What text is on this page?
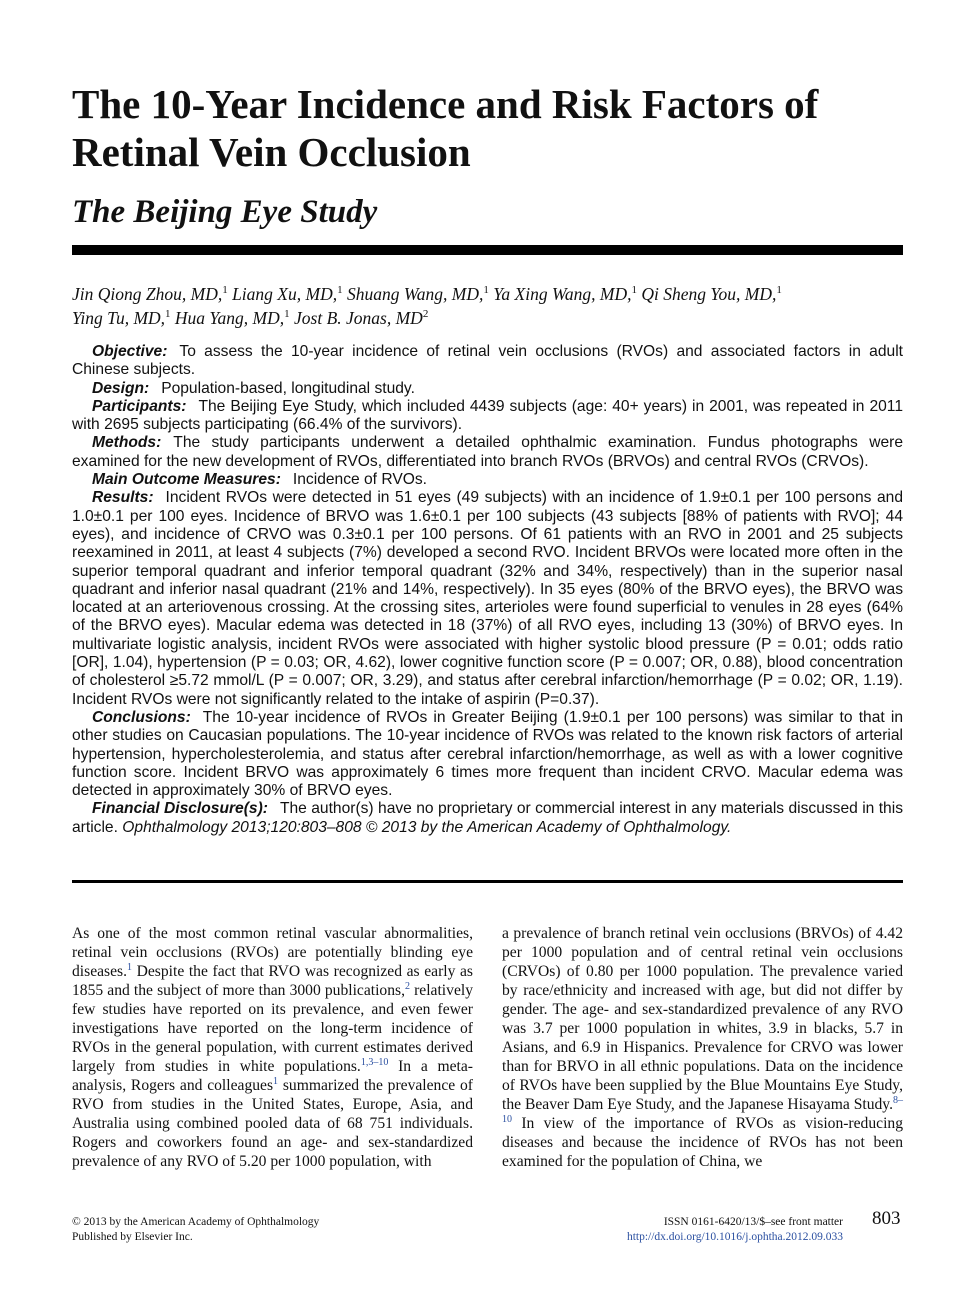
The 10-Year Incidence and Risk Factors of Retinal Vein Occlusion
The Beijing Eye Study
Jin Qiong Zhou, MD,$^1$ Liang Xu, MD,$^1$ Shuang Wang, MD,$^1$ Ya Xing Wang, MD,$^1$ Qi Sheng You, MD,$^1$
Ying Tu, MD,$^1$ Hua Yang, MD,$^1$ Jost B. Jonas, $MD^2$

Objective: To assess the 10-year incidence of retinal vein occlusions (RVOs) and associated factors in adult Chinese subjects.

Design: Population-based, longitudinal study.

Participants: The Beijing Eye Study, which included 4439 subjects (age: 40+ years) in 2001, was repeated in 2011 with 2695 subjects participating (66.4% of the survivors).

Methods: The study participants underwent a detailed ophthalmic examination. Fundus photographs were examined for the new development of RVOs, differentiated into branch RVOs (BRVOs) and central RVOs (CRVOs).

Main Outcome Measures: Incidence of RVOs.

Results: Incident RVOs were detected in 51 eyes (49 subjects) with an incidence of 1.9±0.1 per 100 persons and 1.0±0.1 per 100 eyes. Incidence of BRVO was 1.6±0.1 per 100 subjects (43 subjects [88% of patients with RVO]; 44 eyes), and incidence of CRVO was 0.3±0.1 per 100 persons. Of 61 patients with an RVO in 2001 and 25 subjects reexamined in 2011, at least 4 subjects (7%) developed a second RVO. Incident BRVOs were located more often in the superior temporal quadrant and inferior temporal quadrant (32% and 34%, respectively) than in the superior nasal quadrant and inferior nasal quadrant (21% and 14%, respectively). In 35 eyes (80% of the BRVO eyes), the BRVO was located at an arteriovenous crossing. At the crossing sites, arterioles were found superficial to venules in 28 eyes (64% of the BRVO eyes). Macular edema was detected in 18 (37%) of all RVO eyes, including 13 (30%) of BRVO eyes. In multivariate logistic analysis, incident RVOs were associated with higher systolic blood pressure (P = 0.01; odds ratio [OR], 1.04), hypertension (P = 0.03; OR, 4.62), lower cognitive function score (P = 0.007; OR, 0.88), blood concentration of cholesterol ≥5.72 mmol/L (P = 0.007; OR, 3.29), and status after cerebral infarction/hemorrhage (P = 0.02; OR, 1.19). Incident RVOs were not significantly related to the intake of aspirin (P=0.37).

Conclusions: The 10-year incidence of RVOs in Greater Beijing (1.9±0.1 per 100 persons) was similar to that in other studies on Caucasian populations. The 10-year incidence of RVOs was related to the known risk factors of arterial hypertension, hypercholesterolemia, and status after cerebral infarction/hemorrhage, as well as with a lower cognitive function score. Incident BRVO was approximately 6 times more frequent than incident CRVO. Macular edema was detected in approximately 30% of BRVO eyes.

Financial Disclosure(s): The author(s) have no proprietary or commercial interest in any materials discussed in this article. Ophthalmology 2013;120:803–808 © 2013 by the American Academy of Ophthalmology.

As one of the most common retinal vascular abnormalities, retinal vein occlusions (RVOs) are potentially blinding eye diseases.$^1$ Despite the fact that RVO was recognized as early as 1855 and the subject of more than 3000 publications,$^2$ relatively few studies have reported on its prevalence, and even fewer investigations have reported on the long-term incidence of RVOs in the general population, with current estimates derived largely from studies in white populations.$^{1,3-10}$ In a meta-analysis, Rogers and colleagues$^1$ summarized the prevalence of RVO from studies in the United States, Europe, Asia, and Australia using combined pooled data of 68 751 individuals. Rogers and coworkers found an age- and sex-standardized prevalence of any RVO of 5.20 per 1000 population, with

a prevalence of branch retinal vein occlusions (BRVOs) of 4.42 per 1000 population and of central retinal vein occlusions (CRVOs) of 0.80 per 1000 population. The prevalence varied by race/ethnicity and increased with age, but did not differ by gender. The age- and sex-standardized prevalence of any RVO was 3.7 per 1000 population in whites, 3.9 in blacks, 5.7 in Asians, and 6.9 in Hispanics. Prevalence for CRVO was lower than for BRVO in all ethnic populations. Data on the incidence of RVOs have been supplied by the Blue Mountains Eye Study, the Beaver Dam Eye Study, and the Japanese Hisayama Study.$^{8-10}$ In view of the importance of RVOs as vision-reducing diseases and because the incidence of RVOs has not been examined for the population of China, we

© 2013 by the American Academy of Ophthalmology
Published by Elsevier Inc.
ISSN 0161-6420/13/$–see front matter
http://dx.doi.org/10.1016/j.ophtha.2012.09.033
803
